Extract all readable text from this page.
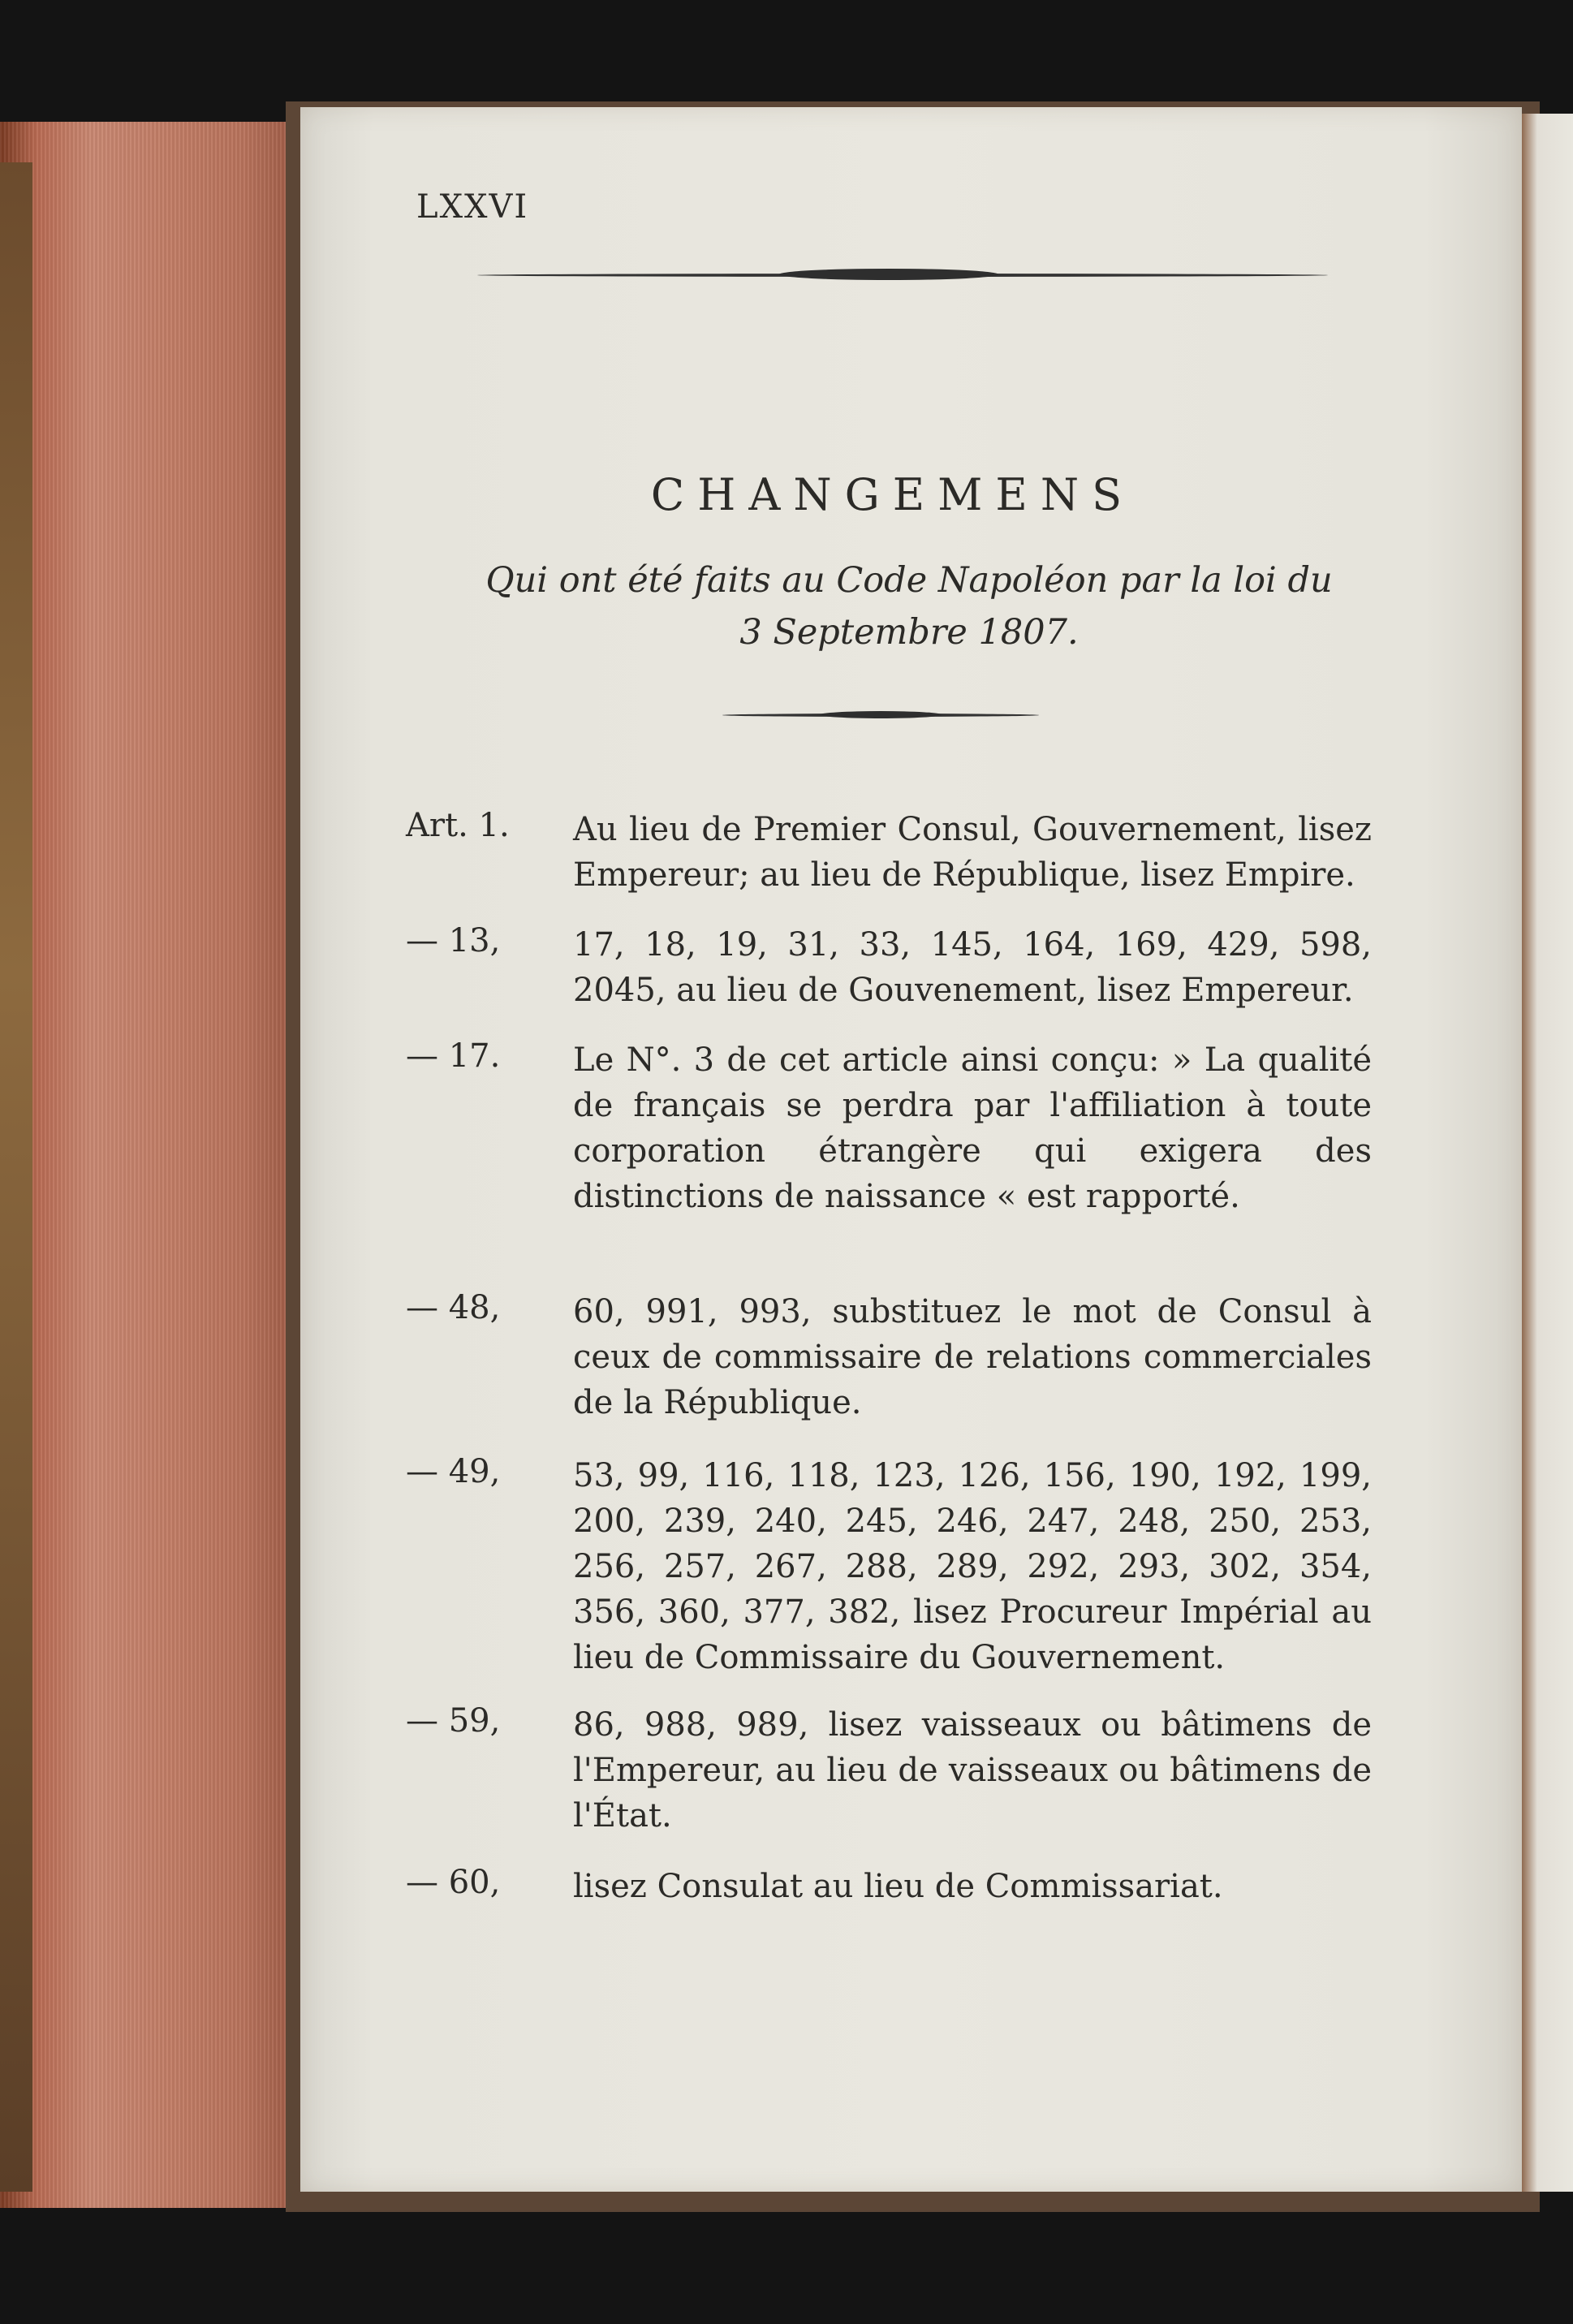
LXXVI
CHANGEMENS
Qui ont été faits au Code Napoléon par la loi du
3 Septembre 1807.
Art. 1.	Au lieu de Premier Consul, Gouvernement, lisez Empereur; au lieu de République, lisez Empire.
— 13,	17, 18, 19, 31, 33, 145, 164, 169, 429, 598, 2045, au lieu de Gouvenement, lisez Empereur.
— 17.	Le N°. 3 de cet article ainsi conçu: » La qualité de français se perdra par l'affiliation à toute corporation étrangère qui exigera des distinctions de naissance « est rapporté.
— 48,	60, 991, 993, substituez le mot de Consul à ceux de commissaire de relations commerciales de la République.
— 49,	53, 99, 116, 118, 123, 126, 156, 190, 192, 199, 200, 239, 240, 245, 246, 247, 248, 250, 253, 256, 257, 267, 288, 289, 292, 293, 302, 354, 356, 360, 377, 382, lisez Procureur Impérial au lieu de Commissaire du Gouvernement.
— 59,	86, 988, 989, lisez vaisseaux ou bâtimens de l'Empereur, au lieu de vaisseaux ou bâtimens de l'État.
— 60,	lisez Consulat au lieu de Commissariat.
